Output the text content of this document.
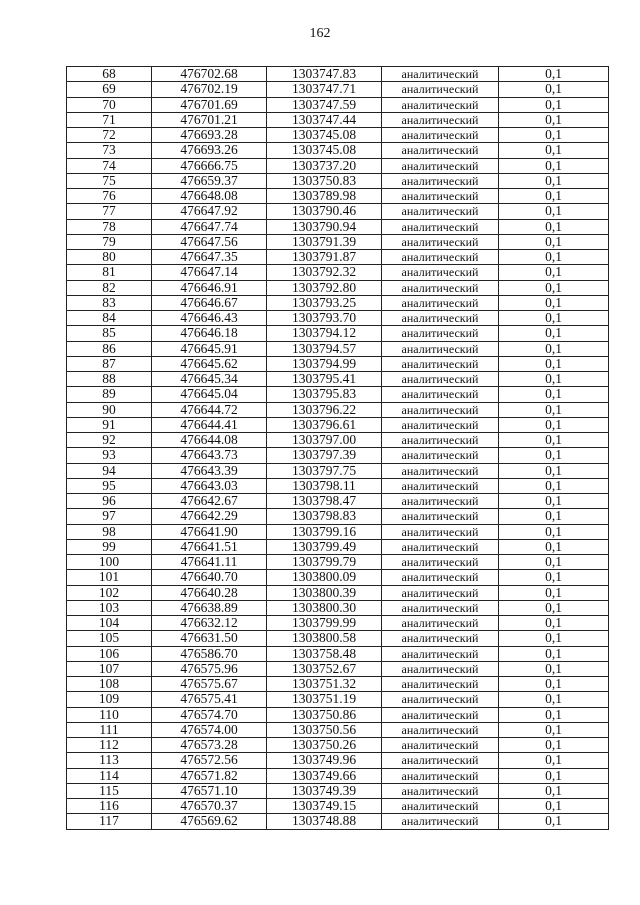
162
68	476702.68	1303747.83	аналитический	0,1
69	476702.19	1303747.71	аналитический	0,1
70	476701.69	1303747.59	аналитический	0,1
71	476701.21	1303747.44	аналитический	0,1
72	476693.28	1303745.08	аналитический	0,1
73	476693.26	1303745.08	аналитический	0,1
74	476666.75	1303737.20	аналитический	0,1
75	476659.37	1303750.83	аналитический	0,1
76	476648.08	1303789.98	аналитический	0,1
77	476647.92	1303790.46	аналитический	0,1
78	476647.74	1303790.94	аналитический	0,1
79	476647.56	1303791.39	аналитический	0,1
80	476647.35	1303791.87	аналитический	0,1
81	476647.14	1303792.32	аналитический	0,1
82	476646.91	1303792.80	аналитический	0,1
83	476646.67	1303793.25	аналитический	0,1
84	476646.43	1303793.70	аналитический	0,1
85	476646.18	1303794.12	аналитический	0,1
86	476645.91	1303794.57	аналитический	0,1
87	476645.62	1303794.99	аналитический	0,1
88	476645.34	1303795.41	аналитический	0,1
89	476645.04	1303795.83	аналитический	0,1
90	476644.72	1303796.22	аналитический	0,1
91	476644.41	1303796.61	аналитический	0,1
92	476644.08	1303797.00	аналитический	0,1
93	476643.73	1303797.39	аналитический	0,1
94	476643.39	1303797.75	аналитический	0,1
95	476643.03	1303798.11	аналитический	0,1
96	476642.67	1303798.47	аналитический	0,1
97	476642.29	1303798.83	аналитический	0,1
98	476641.90	1303799.16	аналитический	0,1
99	476641.51	1303799.49	аналитический	0,1
100	476641.11	1303799.79	аналитический	0,1
101	476640.70	1303800.09	аналитический	0,1
102	476640.28	1303800.39	аналитический	0,1
103	476638.89	1303800.30	аналитический	0,1
104	476632.12	1303799.99	аналитический	0,1
105	476631.50	1303800.58	аналитический	0,1
106	476586.70	1303758.48	аналитический	0,1
107	476575.96	1303752.67	аналитический	0,1
108	476575.67	1303751.32	аналитический	0,1
109	476575.41	1303751.19	аналитический	0,1
110	476574.70	1303750.86	аналитический	0,1
111	476574.00	1303750.56	аналитический	0,1
112	476573.28	1303750.26	аналитический	0,1
113	476572.56	1303749.96	аналитический	0,1
114	476571.82	1303749.66	аналитический	0,1
115	476571.10	1303749.39	аналитический	0,1
116	476570.37	1303749.15	аналитический	0,1
117	476569.62	1303748.88	аналитический	0,1
